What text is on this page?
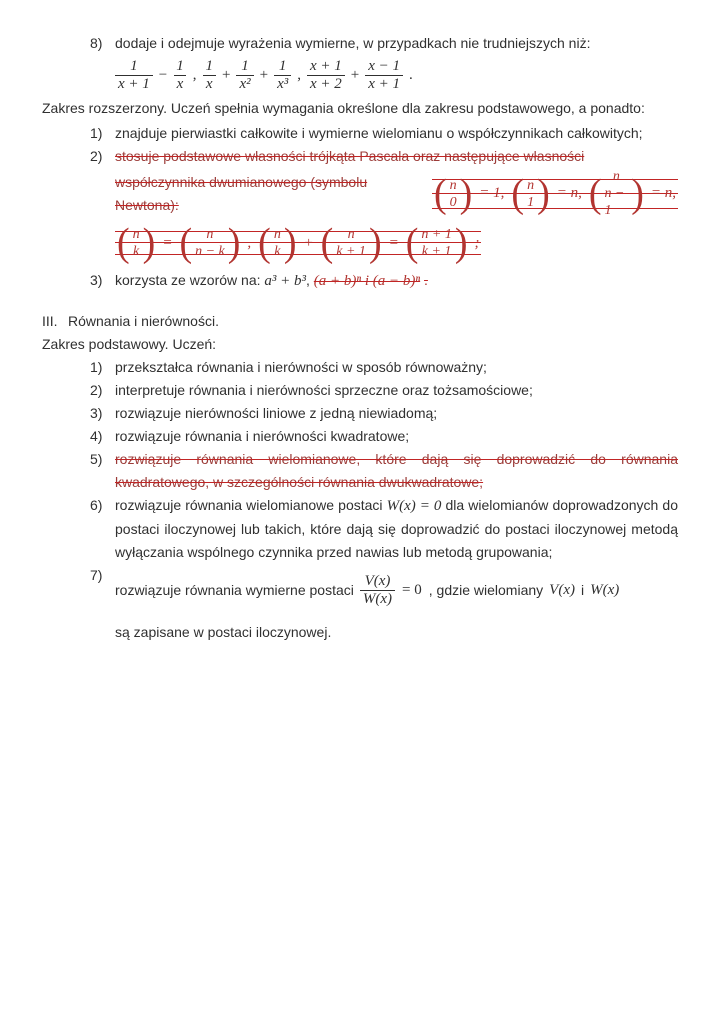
8) dodaje i odejmuje wyrażenia wymierne, w przypadkach nie trudniejszych niż:
$\frac{1}{x + 1} - \frac{1}{x}$ , $\frac{1}{x} + \frac{1}{\text{x²}} + \frac{1}{\text{x³}}$ , $\frac{x + 1}{x + 2} + \frac{x - 1}{x + 1}$ .
Zakres rozszerzony. Uczeń spełnia wymagania określone dla zakresu podstawowego, a ponadto:
1) znajduje pierwiastki całkowite i wymierne wielomianu o współczynnikach całkowitych;
2) stosuje podstawowe własności trójkąta Pascala oraz następujące własności
współczynnika dwumianowego (symbolu Newtona):	( n
0 ) = 1, ( n
1 ) = n, ( n
n − 1 ) = n,
( n
k ) = ( n
n − k ) , ( n
k ) + ( n
k + 1 ) = ( n + 1
k + 1 ) ;
3) korzysta ze wzorów na: a³ + b³, (a + b)ⁿ i (a − b)ⁿ .
III. Równania i nierówności.
Zakres podstawowy. Uczeń:
1) przekształca równania i nierówności w sposób równoważny;
2) interpretuje równania i nierówności sprzeczne oraz tożsamościowe;
3) rozwiązuje nierówności liniowe z jedną niewiadomą;
4) rozwiązuje równania i nierówności kwadratowe;
5) rozwiązuje równania wielomianowe, które dają się doprowadzić do równania kwadratowego, w szczególności równania dwukwadratowe;
6) rozwiązuje równania wielomianowe postaci W(x) = 0 dla wielomianów doprowadzonych do postaci iloczynowej lub takich, które dają się doprowadzić do postaci iloczynowej metodą wyłączania wspólnego czynnika przed nawias lub metodą grupowania;
7)
rozwiązuje równania wymierne postaci $\frac{V(x)}{W(x)} = 0$ , gdzie wielomiany V(x) i W(x)
są zapisane w postaci iloczynowej.
